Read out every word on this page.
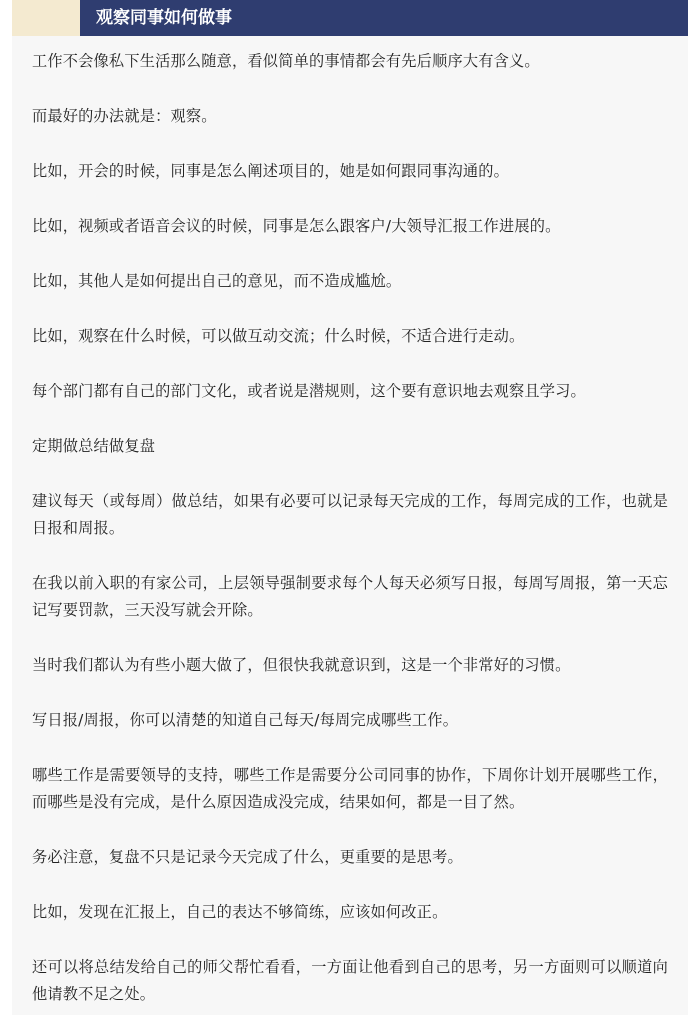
观察同事如何做事

工作不会像私下生活那么随意，看似简单的事情都会有先后顺序大有含义。

而最好的办法就是：观察。

比如，开会的时候，同事是怎么阐述项目的，她是如何跟同事沟通的。

比如，视频或者语音会议的时候，同事是怎么跟客户/大领导汇报工作进展的。

比如，其他人是如何提出自己的意见，而不造成尴尬。

比如，观察在什么时候，可以做互动交流；什么时候，不适合进行走动。

每个部门都有自己的部门文化，或者说是潜规则，这个要有意识地去观察且学习。

定期做总结做复盘

建议每天（或每周）做总结，如果有必要可以记录每天完成的工作，每周完成的工作，也就是日报和周报。

在我以前入职的有家公司，上层领导强制要求每个人每天必须写日报，每周写周报，第一天忘记写要罚款，三天没写就会开除。

当时我们都认为有些小题大做了，但很快我就意识到，这是一个非常好的习惯。

写日报/周报，你可以清楚的知道自己每天/每周完成哪些工作。

哪些工作是需要领导的支持，哪些工作是需要分公司同事的协作，下周你计划开展哪些工作，而哪些是没有完成，是什么原因造成没完成，结果如何，都是一目了然。

务必注意，复盘不只是记录今天完成了什么，更重要的是思考。

比如，发现在汇报上，自己的表达不够简练，应该如何改正。

还可以将总结发给自己的师父帮忙看看，一方面让他看到自己的思考，另一方面则可以顺道向他请教不足之处。
